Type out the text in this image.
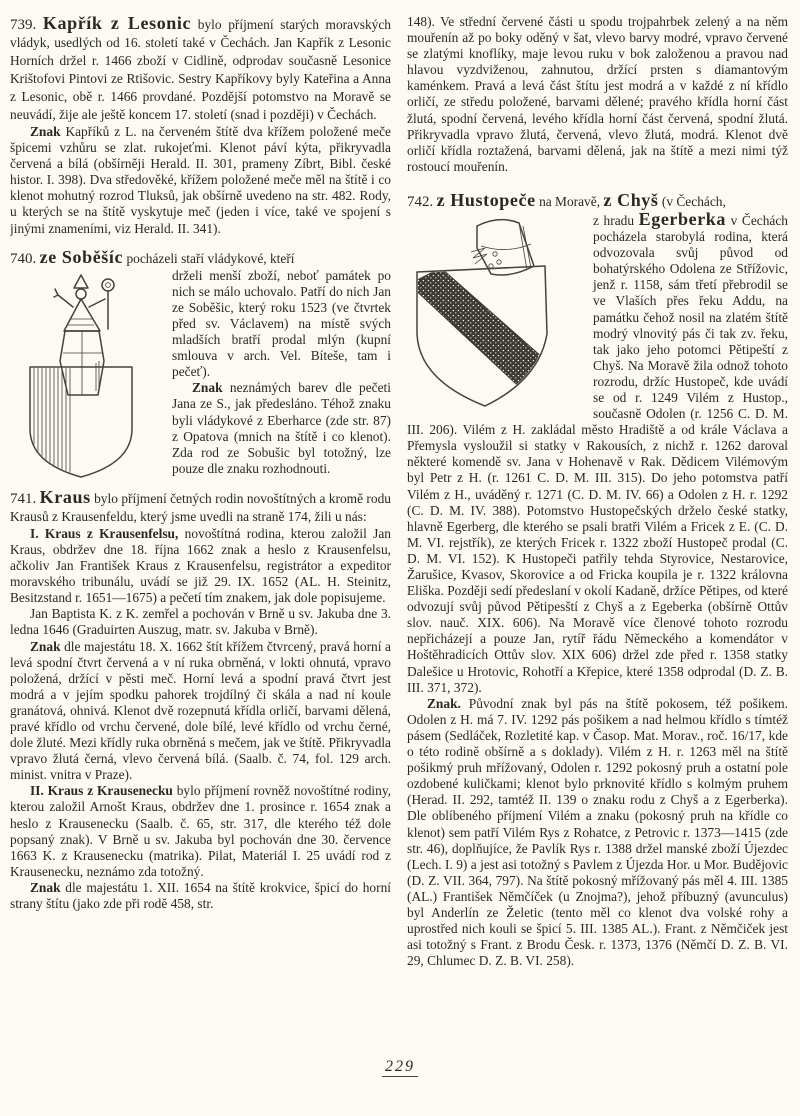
739. Kapřík z Lesonic bylo příjmení starých moravských vládyk, usedlých od 16. století také v Čechách. Jan Kapřík z Lesonic Horních držel r. 1466 zboží v Cidlině, odprodav současně Lesonice Krištofovi Pintovi ze Rtišovic. Sestry Kapříkovy byly Kateřina a Anna z Lesonic, obě r. 1466 provdané. Pozdější potomstvo na Moravě se neuvádí, žije ale ještě koncem 17. století (snad i později) v Čechách.

Znak Kapříků z L. na červeném štítě dva křížem položené meče špicemi vzhůru se zlat. rukojeťmi. Klenot páví kýta, přikryvadla červená a bílá (obšírněji Herald. II. 301, prameny Zíbrt, Bibl. české histor. I. 398). Dva středověké, křížem položené meče měl na štítě i co klenot mohutný rozrod Tluksů, jak obšírně uvedeno na str. 482. Rody, u kterých se na štítě vyskytuje meč (jeden i více, také ve spojení s jinými znameními, viz Herald. II. 341).

740. ze Soběšíc pocházeli staří vládykové, kteří

drželi menší zboží, neboť památek po nich se málo uchovalo. Patří do nich Jan ze Soběšic, který roku 1523 (ve čtvrtek před sv. Václavem) na místě svých mladších bratří prodal mlýn (kupní smlouva v arch. Vel. Bíteše, tam i pečeť).

Znak neznámých barev dle pečeti Jana ze S., jak předesláno. Téhož znaku byli vládykové z Eberharce (zde str. 87) z Opatova (mnich na štítě i co klenot). Zda rod ze Sobušic byl totožný, lze pouze dle znaku rozhodnouti.

741. Kraus bylo příjmení četných rodin novoštítných a kromě rodu Krausů z Krausenfeldu, který jsme uvedli na straně 174, žili u nás:

I. Kraus z Krausenfelsu, novoštítná rodina, kterou založil Jan Kraus, obdržev dne 18. října 1662 znak a heslo z Krausenfelsu, ačkoliv Jan František Kraus z Krausenfelsu, registrátor a expeditor moravského tribunálu, uvádí se již 29. IX. 1652 (AL. H. Steinitz, Besitzstand r. 1651—1675) a pečetí tím znakem, jak dole popisujeme.

Jan Baptista K. z K. zemřel a pochován v Brně u sv. Jakuba dne 3. ledna 1646 (Graduirten Auszug, matr. sv. Jakuba v Brně).

Znak dle majestátu 18. X. 1662 štít křížem čtvrcený, pravá horní a levá spodní čtvrt červená a v ní ruka obrněná, v lokti ohnutá, vpravo položená, držící v pěsti meč. Horní levá a spodní pravá čtvrt jest modrá a v jejím spodku pahorek trojdílný či skála a nad ní koule granátová, ohnivá. Klenot dvě rozepnutá křídla orličí, barvami dělená, pravé křídlo od vrchu červené, dole bílé, levé křídlo od vrchu černé, dole žluté. Mezi křídly ruka obrněná s mečem, jak ve štítě. Přikryvadla vpravo žlutá černá, vlevo červená bílá. (Saalb. č. 74, fol. 129 arch. minist. vnitra v Praze).

II. Kraus z Krausenecku bylo příjmení rovněž novoštítné rodiny, kterou založil Arnošt Kraus, obdržev dne 1. prosince r. 1654 znak a heslo z Krausenecku (Saalb. č. 65, str. 317, dle kterého též dole popsaný znak). V Brně u sv. Jakuba byl pochován dne 30. července 1663 K. z Krausenecku (matrika). Pilat, Materiál I. 25 uvádí rod z Krausenecku, neznámo zda totožný.

Znak dle majestátu 1. XII. 1654 na štítě krokvice, špicí do horní strany štítu (jako zde při rodě 458, str.

148). Ve střední červené části u spodu trojpahrbek zelený a na něm mouřenín až po boky oděný v šat, vlevo barvy modré, vpravo červené se zlatými knoflíky, maje levou ruku v bok založenou a pravou nad hlavou vyzdviženou, zahnutou, držící prsten s diamantovým kaménkem. Pravá a levá část štítu jest modrá a v každé z ní křídlo orličí, ze středu položené, barvami dělené; pravého křídla horní část žlutá, spodní červená, levého křídla horní část červená, spodní žlutá. Přikryvadla vpravo žlutá, červená, vlevo žlutá, modrá. Klenot dvě orličí křídla roztažená, barvami dělená, jak na štítě a mezi nimi týž rostoucí mouřenín.

742. z Hustopeče na Moravě, z Chyš (v Čechách,

z hradu Egerberka v Čechách pocházela starobylá rodina, která odvozovala svůj původ od bohatýrského Odolena ze Střížovic, jenž r. 1158, sám třetí přebrodil se ve Vlaších přes řeku Addu, na památku čehož nosil na zlatém štítě modrý vlnovitý pás či tak zv. řeku, tak jako jeho potomci Pětipeští z Chyš. Na Moravě žila odnož tohoto rozrodu, držíc Hustopeč, kde uvádí se od r. 1249 Vilém z Hustop., současně Odolen (r. 1256 C. D. M. III. 206). Vilém z H. zakládal město Hradiště a od krále Václava a Přemysla vysloužil si statky v Rakousích, z nichž r. 1262 daroval některé komendě sv. Jana v Hohenavě v Rak. Dědicem Vilémovým byl Petr z H. (r. 1261 C. D. M. III. 315). Do jeho potomstva patří Vilém z H., uváděný r. 1271 (C. D. M. IV. 66) a Odolen z H. r. 1292 (C. D. M. IV. 388). Potomstvo Hustopečských drželo české statky, hlavně Egerberg, dle kterého se psali bratři Vilém a Fricek z E. (C. D. M. VI. rejstřík), ze kterých Fricek r. 1322 zboží Hustopeč prodal (C. D. M. VI. 152). K Hustopeči patřily tehda Styrovice, Nestarovice, Žarušice, Kvasov, Skorovice a od Fricka koupila je r. 1322 královna Eliška. Později sedí předeslaní v okolí Kadaně, držíce Pětipes, od které odvozují svůj původ Pětipesští z Chyš a z Egeberka (obšírně Ottův slov. nauč. XIX. 606). Na Moravě více členové tohoto rozrodu nepřicházejí a pouze Jan, rytíř řádu Německého a komendátor v Hoštěhradicích Ottův slov. XIX 606) držel zde před r. 1358 statky Dalešice u Hrotovic, Rohotří a Křepice, které 1358 odprodal (D. Z. B. III. 371, 372).

Znak. Původní znak byl pás na štítě pokosem, též pošikem. Odolen z H. má 7. IV. 1292 pás pošikem a nad helmou křídlo s tímtéž pásem (Sedláček, Rozletité kap. v Časop. Mat. Morav., roč. 16/17, kde o této rodině obšírně a s doklady). Vilém z H. r. 1263 měl na štítě pošikmý pruh mřížovaný, Odolen r. 1292 pokosný pruh a ostatní pole ozdobené kuličkami; klenot bylo prknovité křídlo s kolmým pruhem (Herad. II. 292, tamtéž II. 139 o znaku rodu z Chyš a z Egerberka). Dle oblíbeného příjmení Vilém a znaku (pokosný pruh na křídle co klenot) sem patří Vilém Rys z Rohatce, z Petrovic r. 1373—1415 (zde str. 46), doplňujíce, že Pavlík Rys r. 1388 držel manské zboží Újezdec (Lech. I. 9) a jest asi totožný s Pavlem z Újezda Hor. u Mor. Budějovic (D. Z. VII. 364, 797). Na štítě pokosný mřížovaný pás měl 4. III. 1385 (AL.) František Němčíček (u Znojma?), jehož příbuzný (avunculus) byl Anderlín ze Želetic (tento měl co klenot dva volské rohy a uprostřed nich kouli se špicí 5. III. 1385 AL.). Frant. z Němčiček jest asi totožný s Frant. z Brodu Česk. r. 1373, 1376 (Němčí D. Z. B. VI. 29, Chlumec D. Z. B. VI. 258).

229
